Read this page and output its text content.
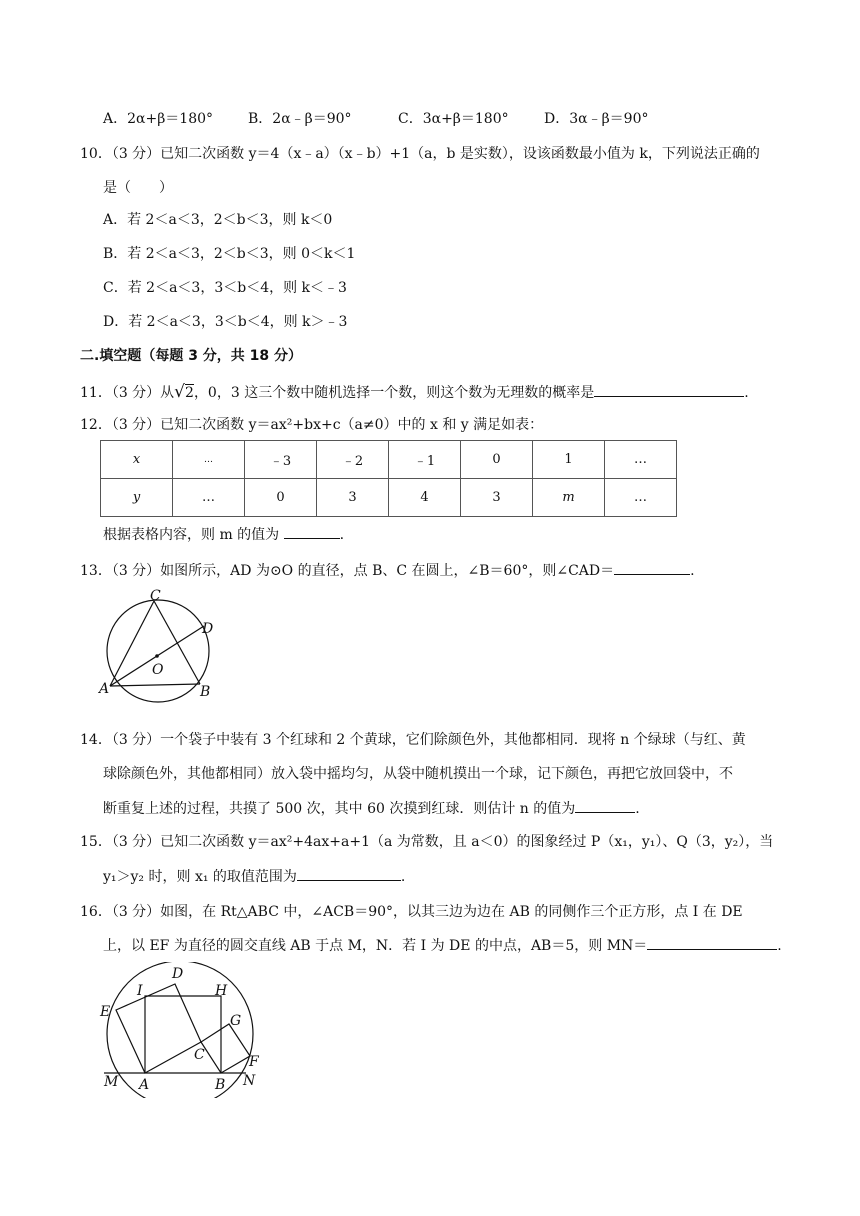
A．2α+β＝180° B．2α﹣β＝90°	C．3α+β＝180°	D．3α﹣β＝90°
10．（3 分）已知二次函数 y＝4（x﹣a）（x﹣b）+1（a，b 是实数），设该函数最小值为 k，下列说法正确的
是（　　）
A．若 2＜a＜3，2＜b＜3，则 k＜0
B．若 2＜a＜3，2＜b＜3，则 0＜k＜1
C．若 2＜a＜3，3＜b＜4，则 k＜﹣3
D．若 2＜a＜3，3＜b＜4，则 k＞﹣3
二.填空题（每题 3 分，共 18 分）
11．（3 分）从√2，0，3 这三个数中随机选择一个数，则这个数为无理数的概率是	.
12．（3 分）已知二次函数 y＝ax²+bx+c（a≠0）中的 x 和 y 满足如表：
x	…	﹣3	﹣2	﹣1	0	1	…
y	…	0	3	4	3	m	…
根据表格内容，则 m 的值为	.
13．（3 分）如图所示，AD 为⊙O 的直径，点 B、C 在圆上，∠B＝60°，则∠CAD＝	.
C
D
O
A	B
14．（3 分）一个袋子中装有 3 个红球和 2 个黄球，它们除颜色外，其他都相同．现将 n 个绿球（与红、黄
球除颜色外，其他都相同）放入袋中摇均匀，从袋中随机摸出一个球，记下颜色，再把它放回袋中，不
断重复上述的过程，共摸了 500 次，其中 60 次摸到红球．则估计 n 的值为	.
15．（3 分）已知二次函数 y＝ax²+4ax+a+1（a 为常数，且 a＜0）的图象经过 P（x₁，y₁）、Q（3，y₂），当
y₁＞y₂ 时，则 x₁ 的取值范围为	.
16．（3 分）如图，在 Rt△ABC 中，∠ACB＝90°，以其三边为边在 AB 的同侧作三个正方形，点 I 在 DE
上，以 EF 为直径的圆交直线 AB 于点 M，N．若 I 为 DE 的中点，AB＝5，则 MN＝	.
D
I	H
E
G
C	F
M A	B N
